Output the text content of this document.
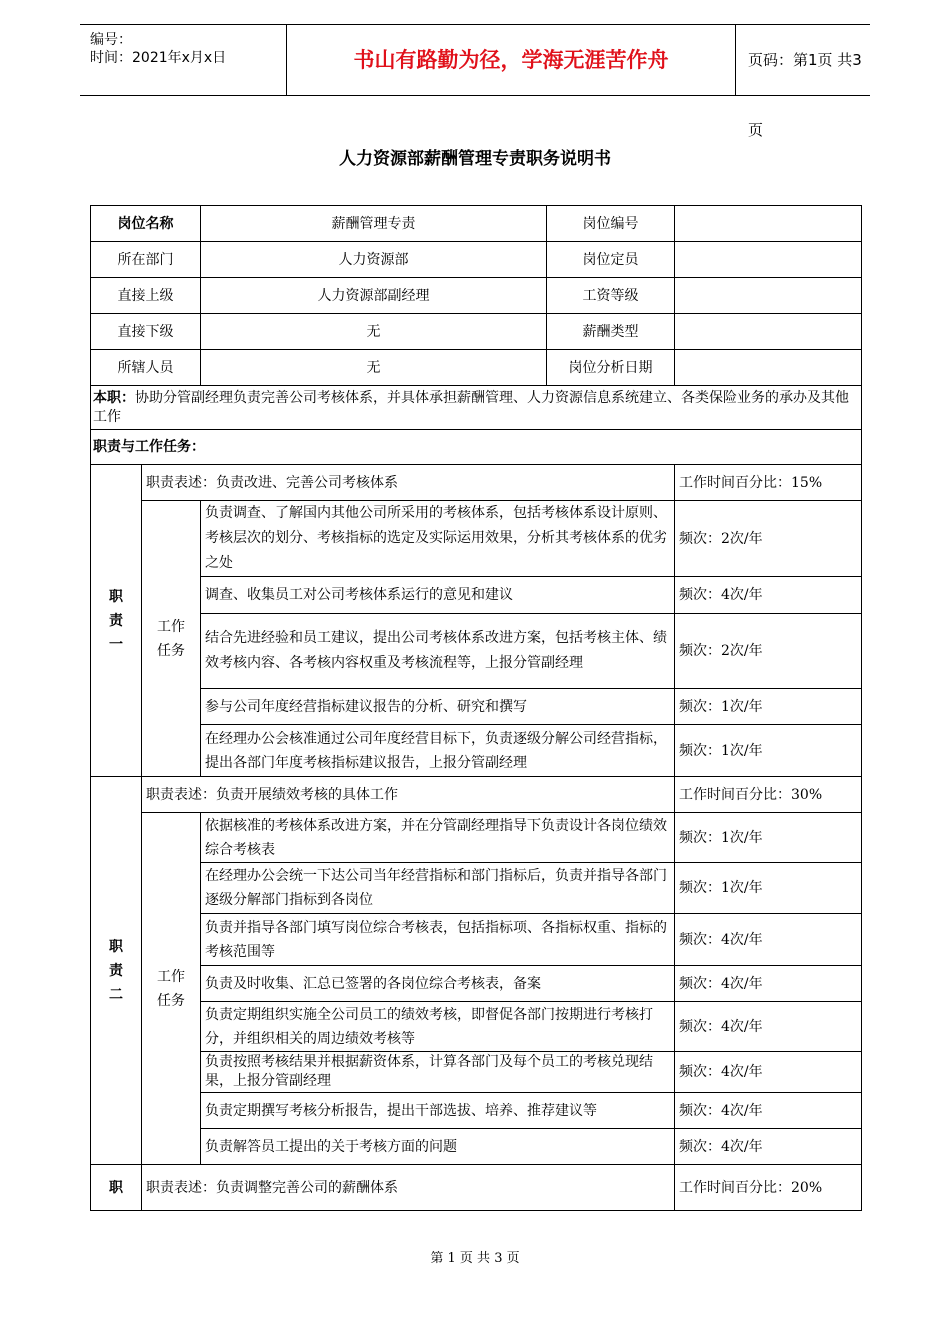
编号：
时间：2021年x月x日	书山有路勤为径，学海无涯苦作舟	页码：第1页 共3页
人力资源部薪酬管理专责职务说明书
岗位名称		薪酬管理专责	岗位编号	
所在部门		人力资源部	岗位定员	
直接上级		人力资源部副经理	工资等级	
直接下级		无	薪酬类型	
所辖人员		无	岗位分析日期	
本职：协助分管副经理负责完善公司考核体系，并具体承担薪酬管理、人力资源信息系统建立、各类保险业务的承办及其他工作				
职责与工作任务：				

职责一	职责表述：负责改进、完善公司考核体系			工作时间百分比：15%

	工作任务	负责调查、了解国内其他公司所采用的考核体系，包括考核体系设计原则、考核层次的划分、考核指标的选定及实际运用效果，分析其考核体系的优劣之处		频次：2次/年
		调查、收集员工对公司考核体系运行的意见和建议		频次：4次/年
		结合先进经验和员工建议，提出公司考核体系改进方案，包括考核主体、绩效考核内容、各考核内容权重及考核流程等，上报分管副经理		频次：2次/年
		参与公司年度经营指标建议报告的分析、研究和撰写		频次：1次/年
		在经理办公会核准通过公司年度经营目标下，负责逐级分解公司经营指标，提出各部门年度考核指标建议报告，上报分管副经理		频次：1次/年

职责二	职责表述：负责开展绩效考核的具体工作			工作时间百分比：30%

	工作任务	依据核准的考核体系改进方案，并在分管副经理指导下负责设计各岗位绩效综合考核表		频次：1次/年
		在经理办公会统一下达公司当年经营指标和部门指标后，负责并指导各部门逐级分解部门指标到各岗位		频次：1次/年
		负责并指导各部门填写岗位综合考核表，包括指标项、各指标权重、指标的考核范围等		频次：4次/年
		负责及时收集、汇总已签署的各岗位综合考核表，备案		频次：4次/年
		负责定期组织实施全公司员工的绩效考核，即督促各部门按期进行考核打分，并组织相关的周边绩效考核等		频次：4次/年
		负责按照考核结果并根据薪资体系，计算各部门及每个员工的考核兑现结果，上报分管副经理		频次：4次/年
		负责定期撰写考核分析报告，提出干部选拔、培养、推荐建议等		频次：4次/年
		负责解答员工提出的关于考核方面的问题		频次：4次/年
职	职责表述：负责调整完善公司的薪酬体系			工作时间百分比：20%
第 1 页 共 3 页
